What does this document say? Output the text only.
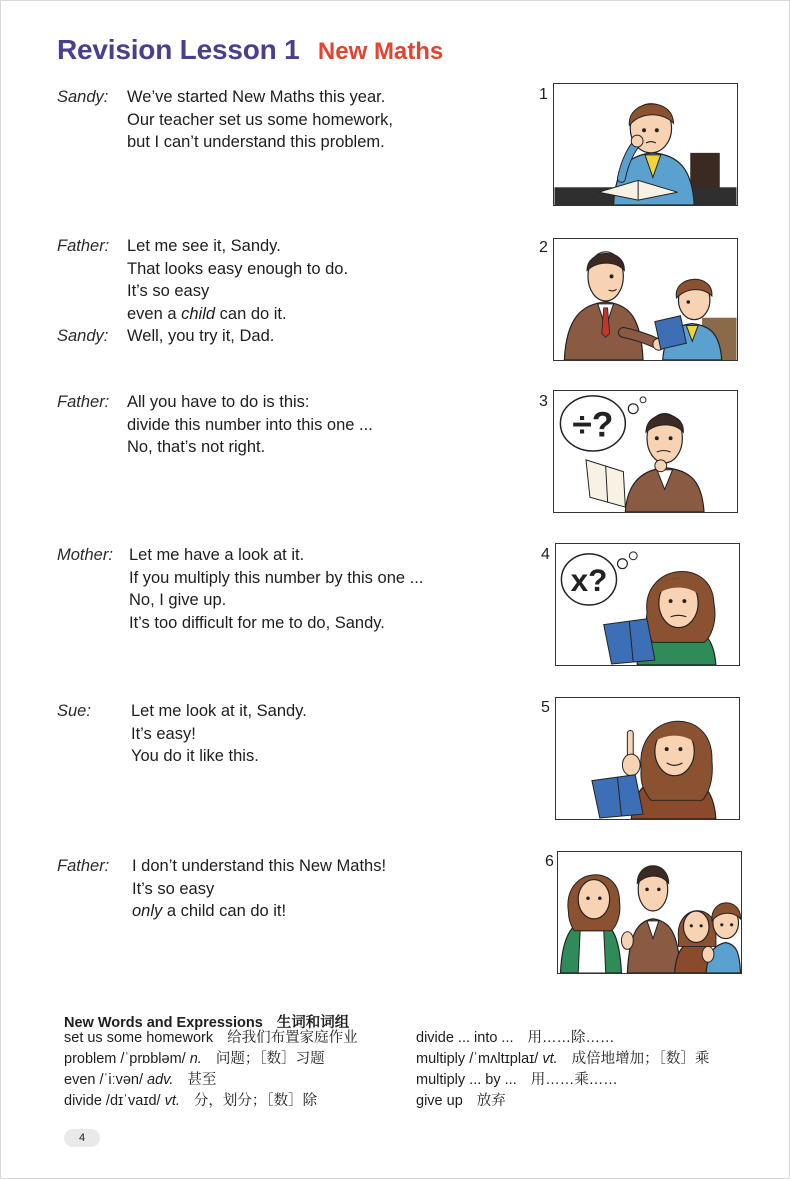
Revision Lesson 1 New Maths
Sandy:	We’ve started New Maths this year.
Our teacher set us some homework,
but I can’t understand this problem.
Father:	Let me see it, Sandy.
That looks easy enough to do.
It’s so easy
even a child can do it.
Sandy:	Well, you try it, Dad.
Father:	All you have to do is this:
divide this number into this one ...
No, that’s not right.
Mother: Let me have a look at it.
If you multiply this number by this one ...
No, I give up.
It’s too difficult for me to do, Sandy.
Sue:	Let me look at it, Sandy.
It’s easy!
You do it like this.
Father:	I don’t understand this New Maths!
It’s so easy
only a child can do it!
1
2
3
4
5
6
÷?
x?
New Words and Expressions 生词和词组
set us some homework 给我们布置家庭作业
problem /ˈprɒbləm/ n. 问题；［数］习题
even /ˈiːvən/ adv. 甚至
divide /dɪˈvaɪd/ vt. 分，划分；［数］除
divide ... into ... 用……除……
multiply /ˈmʌltɪplaɪ/ vt. 成倍地增加；［数］乘
multiply ... by ... 用……乘……
give up 放弃
4
